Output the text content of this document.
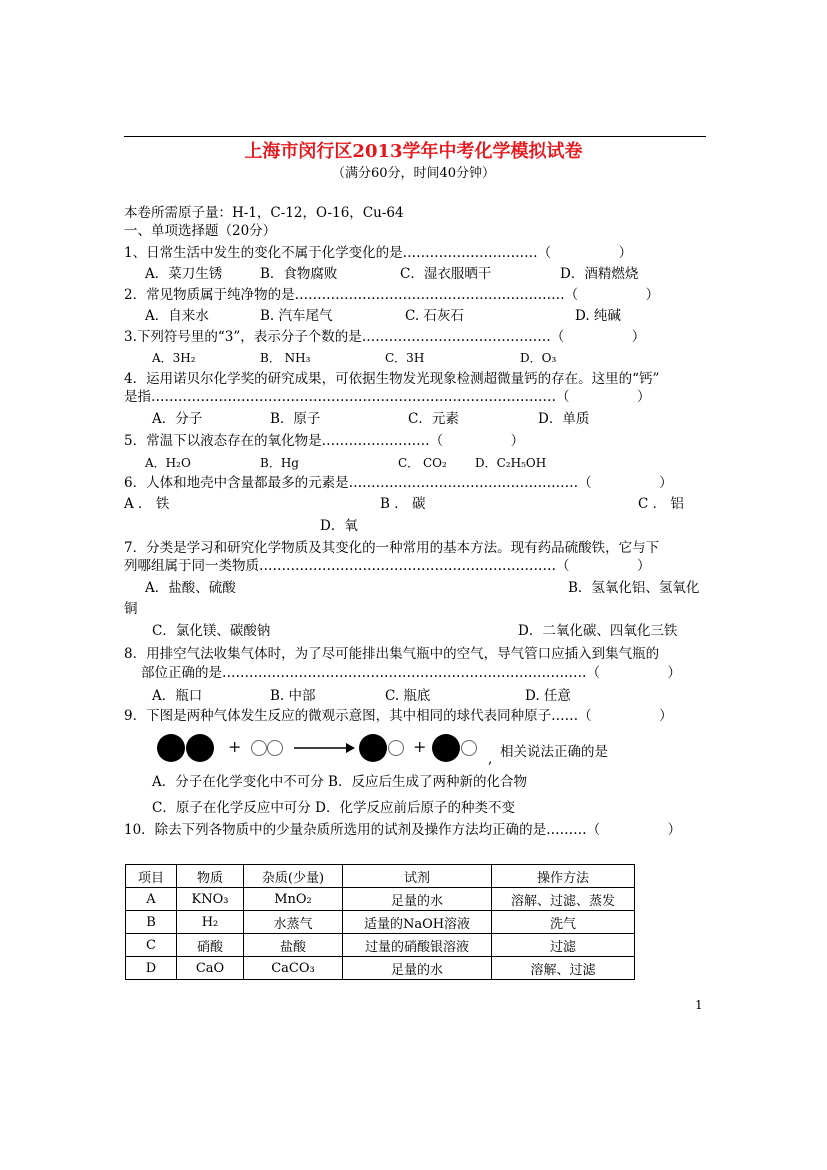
上海市闵行区2013学年中考化学模拟试卷
（满分60分，时间40分钟）
本卷所需原子量：H-1，C-12，O-16，Cu-64
一、单项选择题（20分）
1、日常生活中发生的变化不属于化学变化的是…………………………（　　　　　）
A．菜刀生锈	B．食物腐败	C．湿衣服晒干	D．酒精燃烧
2．常见物质属于纯净物的是……………………………………………………（　　　　　）
A．自来水	B. 汽车尾气	C. 石灰石	D. 纯碱
3.下列符号里的“3”，表示分子个数的是……………………………………（　　　　　）
A．3H₂	B． NH₃	C．3H	D．O₃
4．运用诺贝尔化学奖的研究成果，可依据生物发光现象检测超微量钙的存在。这里的“钙”
是指………………………………………………………………………………（　　　　　）
A．分子	B．原子	C．元素	D．单质
5．常温下以液态存在的氧化物是……………………（　　　　　）
A．H₂O	B．Hg	C． CO₂ D．C₂H₅OH
6．人体和地壳中含量都最多的元素是……………………………………………（　　　　　）
A ． 铁	B ． 碳	C ． 铝
D．氧
7．分类是学习和研究化学物质及其变化的一种常用的基本方法。现有药品硫酸铁，它与下
列哪组属于同一类物质…………………………………………………………（　　　　　）
A．盐酸、硫酸	B．氢氧化铝、氢氧化
铜
C．氯化镁、碳酸钠	D．二氧化碳、四氧化三铁
8．用排空气法收集气体时，为了尽可能排出集气瓶中的空气，导气管口应插入到集气瓶的
部位正确的是………………………………………………………………………（　　　　　）
A．瓶口	B. 中部	C. 瓶底	D. 任意
9．下图是两种气体发生反应的微观示意图，其中相同的球代表同种原子……（　　　　　）
+	+
, 相关说法正确的是
A．分子在化学变化中不可分 B．反应后生成了两种新的化合物
C．原子在化学反应中可分 D．化学反应前后原子的种类不变
10．除去下列各物质中的少量杂质所选用的试剂及操作方法均正确的是………（　　　　　）
项目	物质	杂质(少量)	试剂	操作方法
A	KNO₃	MnO₂	足量的水	溶解、过滤、蒸发
B	H₂	水蒸气	适量的NaOH溶液	洗气
C	硝酸	盐酸	过量的硝酸银溶液	过滤
D	CaO	CaCO₃	足量的水	溶解、过滤
1
